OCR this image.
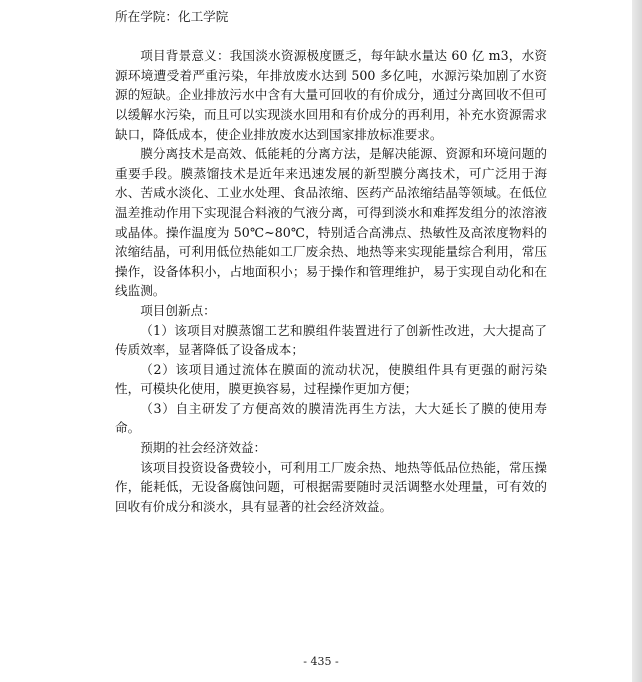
所在学院：化工学院

项目背景意义：我国淡水资源极度匮乏，每年缺水量达 60 亿 m3，水资源环境遭受着严重污染，年排放废水达到 500 多亿吨，水源污染加剧了水资源的短缺。企业排放污水中含有大量可回收的有价成分，通过分离回收不但可以缓解水污染，而且可以实现淡水回用和有价成分的再利用，补充水资源需求缺口，降低成本，使企业排放废水达到国家排放标准要求。

膜分离技术是高效、低能耗的分离方法，是解决能源、资源和环境问题的重要手段。膜蒸馏技术是近年来迅速发展的新型膜分离技术，可广泛用于海水、苦咸水淡化、工业水处理、食品浓缩、医药产品浓缩结晶等领域。在低位温差推动作用下实现混合料液的气液分离，可得到淡水和难挥发组分的浓溶液或晶体。操作温度为 50℃~80℃，特别适合高沸点、热敏性及高浓度物料的浓缩结晶，可利用低位热能如工厂废余热、地热等来实现能量综合利用，常压操作，设备体积小，占地面积小；易于操作和管理维护，易于实现自动化和在线监测。

项目创新点：

（1）该项目对膜蒸馏工艺和膜组件装置进行了创新性改进，大大提高了传质效率，显著降低了设备成本；

（2）该项目通过流体在膜面的流动状况，使膜组件具有更强的耐污染性，可模块化使用，膜更换容易，过程操作更加方便；

（3）自主研发了方便高效的膜清洗再生方法，大大延长了膜的使用寿命。

预期的社会经济效益：

该项目投资设备费较小，可利用工厂废余热、地热等低品位热能，常压操作，能耗低，无设备腐蚀问题，可根据需要随时灵活调整水处理量，可有效的回收有价成分和淡水，具有显著的社会经济效益。

- 435 -
